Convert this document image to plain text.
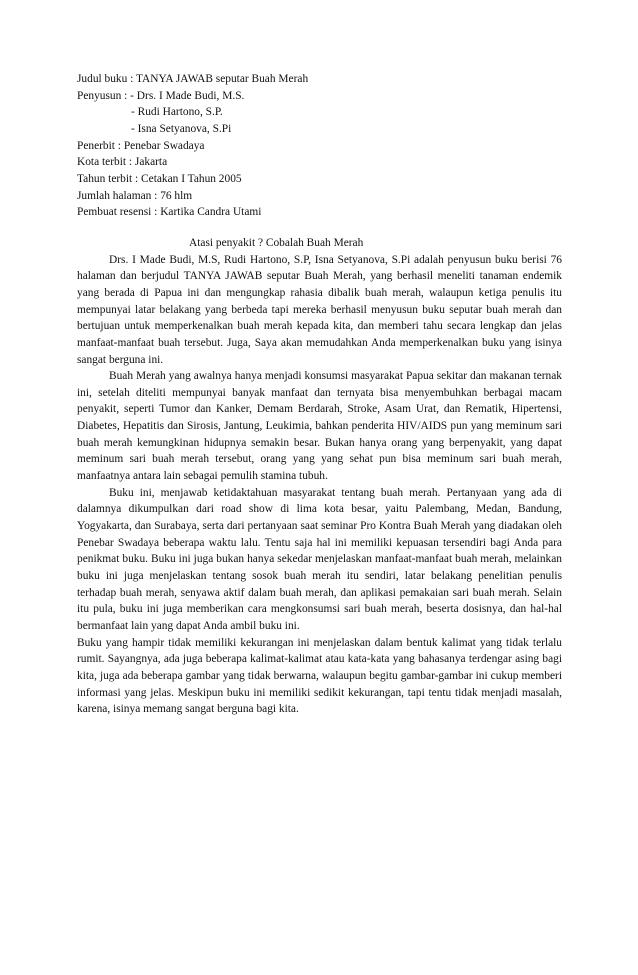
Judul buku : TANYA JAWAB seputar Buah Merah
Penyusun : - Drs. I Made Budi, M.S.
- Rudi Hartono, S.P.
- Isna Setyanova, S.Pi
Penerbit : Penebar Swadaya
Kota terbit : Jakarta
Tahun terbit : Cetakan I Tahun 2005
Jumlah halaman : 76 hlm
Pembuat resensi : Kartika Candra Utami
Atasi penyakit ? Cobalah Buah Merah

Drs. I Made Budi, M.S, Rudi Hartono, S.P, Isna Setyanova, S.Pi adalah penyusun buku berisi 76 halaman dan berjudul TANYA JAWAB seputar Buah Merah, yang berhasil meneliti tanaman endemik yang berada di Papua ini dan mengungkap rahasia dibalik buah merah, walaupun ketiga penulis itu mempunyai latar belakang yang berbeda tapi mereka berhasil menyusun buku seputar buah merah dan bertujuan untuk memperkenalkan buah merah kepada kita, dan memberi tahu secara lengkap dan jelas manfaat-manfaat buah tersebut. Juga, Saya akan memudahkan Anda memperkenalkan buku yang isinya sangat berguna ini.

Buah Merah yang awalnya hanya menjadi konsumsi masyarakat Papua sekitar dan makanan ternak ini, setelah diteliti mempunyai banyak manfaat dan ternyata bisa menyembuhkan berbagai macam penyakit, seperti Tumor dan Kanker, Demam Berdarah, Stroke, Asam Urat, dan Rematik, Hipertensi, Diabetes, Hepatitis dan Sirosis, Jantung, Leukimia, bahkan penderita HIV/AIDS pun yang meminum sari buah merah kemungkinan hidupnya semakin besar. Bukan hanya orang yang berpenyakit, yang dapat meminum sari buah merah tersebut, orang yang yang sehat pun bisa meminum sari buah merah, manfaatnya antara lain sebagai pemulih stamina tubuh.

Buku ini, menjawab ketidaktahuan masyarakat tentang buah merah. Pertanyaan yang ada di dalamnya dikumpulkan dari road show di lima kota besar, yaitu Palembang, Medan, Bandung, Yogyakarta, dan Surabaya, serta dari pertanyaan saat seminar Pro Kontra Buah Merah yang diadakan oleh Penebar Swadaya beberapa waktu lalu. Tentu saja hal ini memiliki kepuasan tersendiri bagi Anda para penikmat buku. Buku ini juga bukan hanya sekedar menjelaskan manfaat-manfaat buah merah, melainkan buku ini juga menjelaskan tentang sosok buah merah itu sendiri, latar belakang penelitian penulis terhadap buah merah, senyawa aktif dalam buah merah, dan aplikasi pemakaian sari buah merah. Selain itu pula, buku ini juga memberikan cara mengkonsumsi sari buah merah, beserta dosisnya, dan hal-hal bermanfaat lain yang dapat Anda ambil buku ini.

Buku yang hampir tidak memiliki kekurangan ini menjelaskan dalam bentuk kalimat yang tidak terlalu rumit. Sayangnya, ada juga beberapa kalimat-kalimat atau kata-kata yang bahasanya terdengar asing bagi kita, juga ada beberapa gambar yang tidak berwarna, walaupun begitu gambar-gambar ini cukup memberi informasi yang jelas. Meskipun buku ini memiliki sedikit kekurangan, tapi tentu tidak menjadi masalah, karena, isinya memang sangat berguna bagi kita.
